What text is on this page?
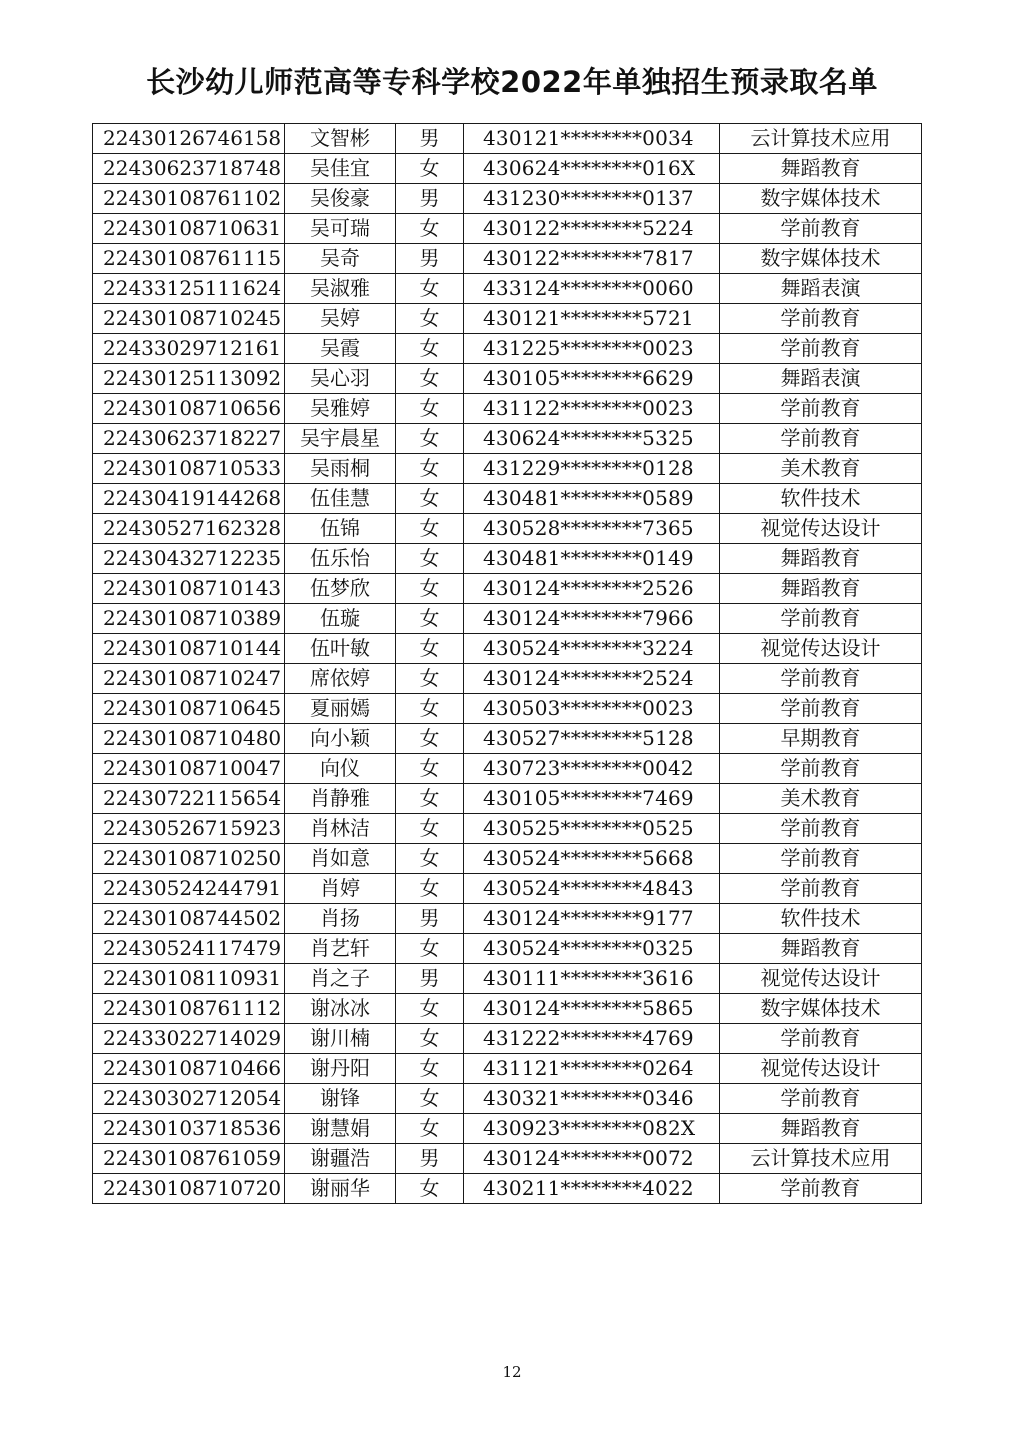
长沙幼儿师范高等专科学校2022年单独招生预录取名单
22430126746158	文智彬	男	430121********0034	云计算技术应用
22430623718748	吴佳宜	女	430624********016X	舞蹈教育
22430108761102	吴俊豪	男	431230********0137	数字媒体技术
22430108710631	吴可瑞	女	430122********5224	学前教育
22430108761115	吴奇	男	430122********7817	数字媒体技术
22433125111624	吴淑雅	女	433124********0060	舞蹈表演
22430108710245	吴婷	女	430121********5721	学前教育
22433029712161	吴霞	女	431225********0023	学前教育
22430125113092	吴心羽	女	430105********6629	舞蹈表演
22430108710656	吴雅婷	女	431122********0023	学前教育
22430623718227	吴宇晨星	女	430624********5325	学前教育
22430108710533	吴雨桐	女	431229********0128	美术教育
22430419144268	伍佳慧	女	430481********0589	软件技术
22430527162328	伍锦	女	430528********7365	视觉传达设计
22430432712235	伍乐怡	女	430481********0149	舞蹈教育
22430108710143	伍梦欣	女	430124********2526	舞蹈教育
22430108710389	伍璇	女	430124********7966	学前教育
22430108710144	伍叶敏	女	430524********3224	视觉传达设计
22430108710247	席依婷	女	430124********2524	学前教育
22430108710645	夏丽嫣	女	430503********0023	学前教育
22430108710480	向小颖	女	430527********5128	早期教育
22430108710047	向仪	女	430723********0042	学前教育
22430722115654	肖静雅	女	430105********7469	美术教育
22430526715923	肖林洁	女	430525********0525	学前教育
22430108710250	肖如意	女	430524********5668	学前教育
22430524244791	肖婷	女	430524********4843	学前教育
22430108744502	肖扬	男	430124********9177	软件技术
22430524117479	肖艺轩	女	430524********0325	舞蹈教育
22430108110931	肖之子	男	430111********3616	视觉传达设计
22430108761112	谢冰冰	女	430124********5865	数字媒体技术
22433022714029	谢川楠	女	431222********4769	学前教育
22430108710466	谢丹阳	女	431121********0264	视觉传达设计
22430302712054	谢锋	女	430321********0346	学前教育
22430103718536	谢慧娟	女	430923********082X	舞蹈教育
22430108761059	谢疆浩	男	430124********0072	云计算技术应用
22430108710720	谢丽华	女	430211********4022	学前教育
12
